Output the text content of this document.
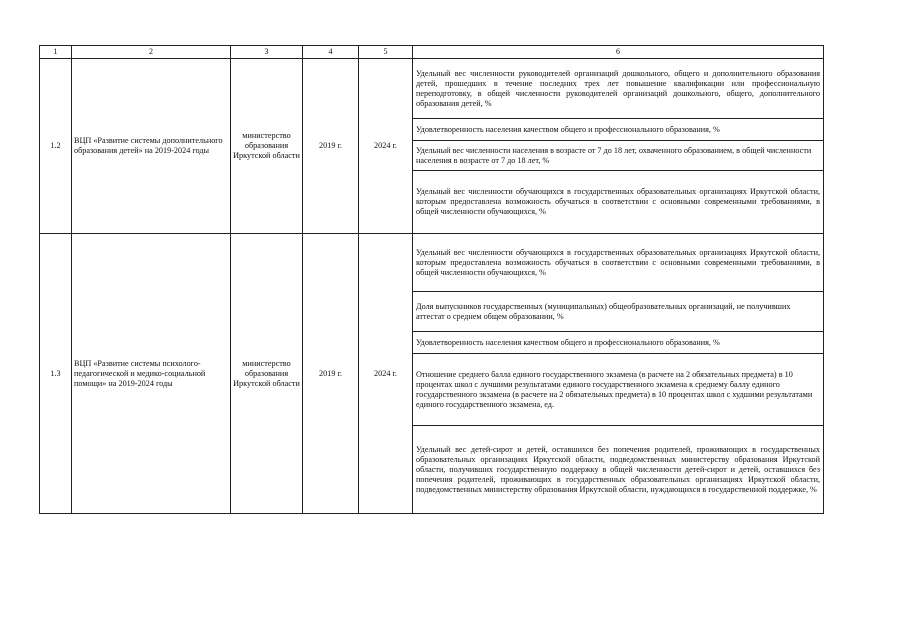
1	2	3	4	5	6
1.2	ВЦП «Развитие системы дополнительного образования детей» на 2019-2024 годы	министерство образования Иркутской области	2019 г.	2024 г.	Удельный вес численности руководителей организаций дошкольного, общего и дополнительного образования детей, прошедших в течение последних трех лет повышение квалификации или профессиональную переподготовку, в общей численности руководителей организаций дошкольного, общего, дополнительного образования детей, %
					Удовлетворенность населения качеством общего и профессионального образования, %
					Удельный вес численности населения в возрасте от 7 до 18 лет, охваченного образованием, в общей численности населения в возрасте от 7 до 18 лет, %
					Удельный вес численности обучающихся в государственных образовательных организациях Иркутской области, которым предоставлена возможность обучаться в соответствии с основными современными требованиями, в общей численности обучающихся, %
1.3	ВЦП «Развитие системы психолого-педагогической и медико-социальной помощи» на 2019-2024 годы	министерство образования Иркутской области	2019 г.	2024 г.	Удельный вес численности обучающихся в государственных образовательных организациях Иркутской области, которым предоставлена возможность обучаться в соответствии с основными современными требованиями, в общей численности обучающихся, %
					Доля выпускников государственных (муниципальных) общеобразовательных организаций, не получивших аттестат о среднем общем образовании, %
					Удовлетворенность населения качеством общего и профессионального образования, %
					Отношение среднего балла единого государственного экзамена (в расчете на 2 обязательных предмета) в 10 процентах школ с лучшими результатами единого государственного экзамена к среднему баллу единого государственного экзамена (в расчете на 2 обязательных предмета) в 10 процентах школ с худшими результатами единого государственного экзамена, ед.
					Удельный вес детей-сирот и детей, оставшихся без попечения родителей, проживающих в государственных образовательных организациях Иркутской области, подведомственных министерству образования Иркутской области, получивших государственную поддержку в общей численности детей-сирот и детей, оставшихся без попечения родителей, проживающих в государственных образовательных организациях Иркутской области, подведомственных министерству образования Иркутской области, нуждающихся в государственной поддержке, %
